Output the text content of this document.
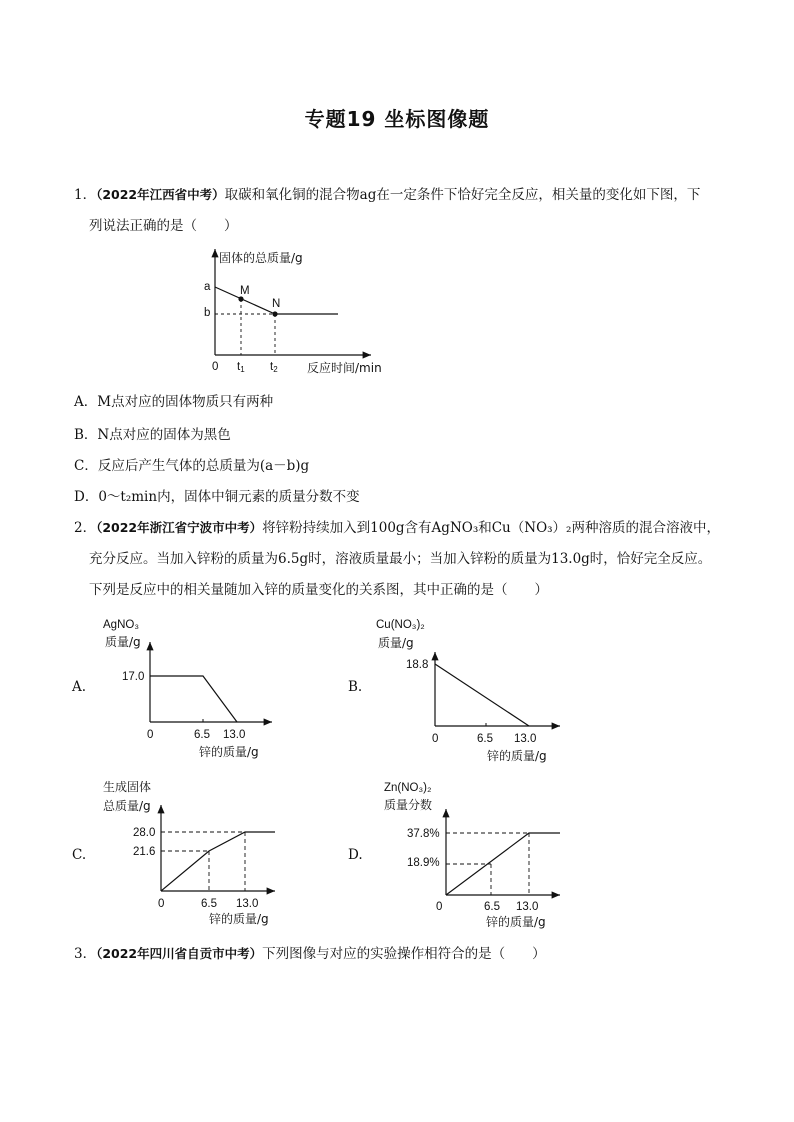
专题19 坐标图像题
1．（2022年江西省中考）取碳和氧化铜的混合物ag在一定条件下恰好完全反应，相关量的变化如下图，下
列说法正确的是（　　）
固体的总质量/g
反应时间/min
0
a
b
M
N
t1 t2
A．M点对应的固体物质只有两种
B．N点对应的固体为黑色
C．反应后产生气体的总质量为(a－b)g
D．0～t₂min内，固体中铜元素的质量分数不变
2．（2022年浙江省宁波市中考）将锌粉持续加入到100g含有AgNO₃和Cu（NO₃）₂两种溶质的混合溶液中，
充分反应。当加入锌粉的质量为6.5g时，溶液质量最小；当加入锌粉的质量为13.0g时，恰好完全反应。
下列是反应中的相关量随加入锌的质量变化的关系图，其中正确的是（　　）
A.
AgNO₃
质量/g
17.0
0	6.5 13.0
锌的质量/g
B.
Cu(NO₃)₂
质量/g
18.8
0	6.5 13.0
锌的质量/g
C.
生成固体
总质量/g
28.0
21.6
0	6.5 13.0
锌的质量/g
D.
Zn(NO₃)₂
质量分数
37.8%
18.9%
0	6.5 13.0
锌的质量/g
3．（2022年四川省自贡市中考）下列图像与对应的实验操作相符合的是（　　）
